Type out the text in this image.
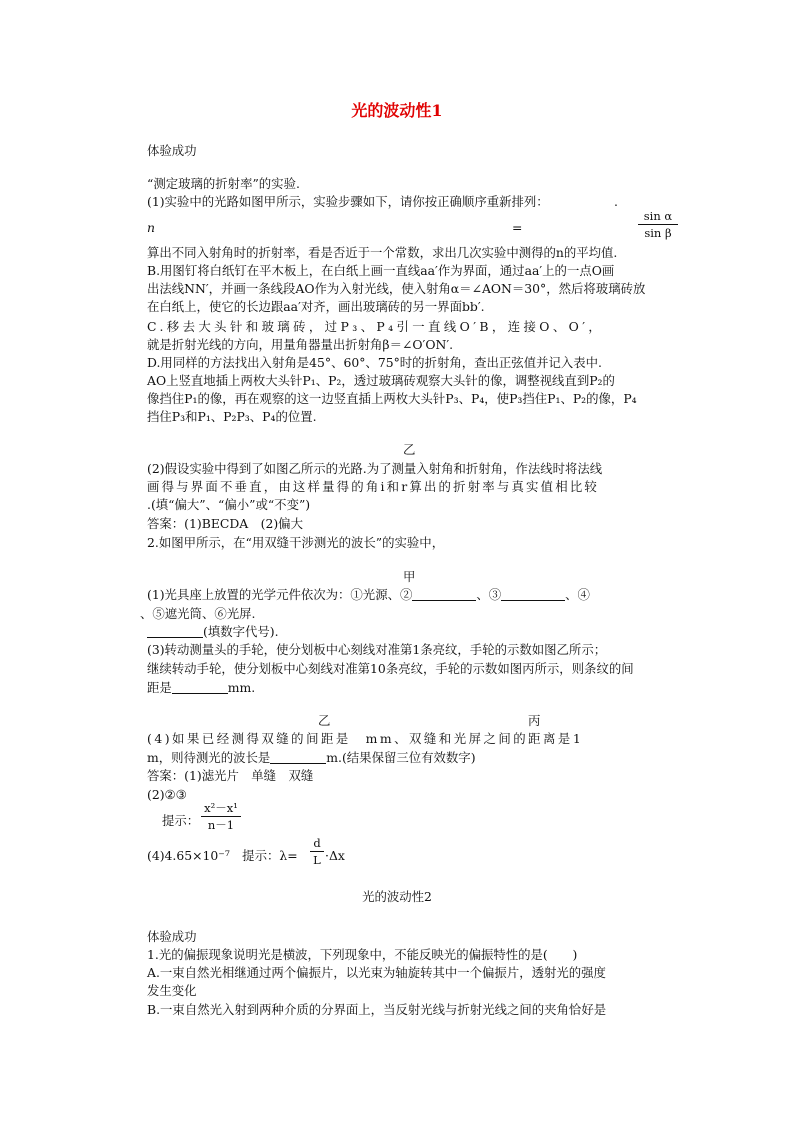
光的波动性1
体验成功
“测定玻璃的折射率”的实验.
(1)实验中的光路如图甲所示，实验步骤如下，请你按正确顺序重新排列：	.
n	=
sin α
sin β
算出不同入射角时的折射率，看是否近于一个常数，求出几次实验中测得的n的平均值.
B.用图钉将白纸钉在平木板上，在白纸上画一直线aa′作为界面，通过aa′上的一点O画
出法线NN′，并画一条线段AO作为入射光线，使入射角α＝∠AON＝30°，然后将玻璃砖放
在白纸上，使它的长边跟aa′对齐，画出玻璃砖的另一界面bb′.
C.移去大头针和玻璃砖，过P₃、P₄引一直线O′B，连接O、O′，
就是折射光线的方向，用量角器量出折射角β＝∠O′ON′.
D.用同样的方法找出入射角是45°、60°、75°时的折射角，查出正弦值并记入表中.
AO上竖直地插上两枚大头针P₁、P₂，透过玻璃砖观察大头针的像，调整视线直到P₂的
像挡住P₁的像，再在观察的这一边竖直插上两枚大头针P₃、P₄，使P₃挡住P₁、P₂的像，P₄
挡住P₃和P₁、P₂P₃、P₄的位置.
乙
(2)假设实验中得到了如图乙所示的光路.为了测量入射角和折射角，作法线时将法线
画得与界面不垂直，由这样量得的角i和r算出的折射率与真实值相比较
.(填“偏大”、“偏小”或“不变”)
答案：(1)BECDA　(2)偏大
2.如图甲所示，在“用双缝干涉测光的波长”的实验中，
甲
(1)光具座上放置的光学元件依次为：①光源、②	、③	、④
、⑤遮光筒、⑥光屏.
(填数字代号).
(3)转动测量头的手轮，使分划板中心刻线对准第1条亮纹，手轮的示数如图乙所示；
继续转动手轮，使分划板中心刻线对准第10条亮纹，手轮的示数如图丙所示，则条纹的间
距是	mm.
乙	丙
(4)如果已经测得双缝的间距是　mm、双缝和光屏之间的距离是1
m，则待测光的波长是	m.(结果保留三位有效数字)
答案：(1)滤光片　单缝　双缝
(2)②③
提示：
x²－x¹
n－1
(4)4.65×10⁻⁷　提示：λ=
d
L ·Δx
光的波动性2
体验成功
1.光的偏振现象说明光是横波，下列现象中，不能反映光的偏振特性的是(　　)
A.一束自然光相继通过两个偏振片，以光束为轴旋转其中一个偏振片，透射光的强度
发生变化
B.一束自然光入射到两种介质的分界面上，当反射光线与折射光线之间的夹角恰好是
